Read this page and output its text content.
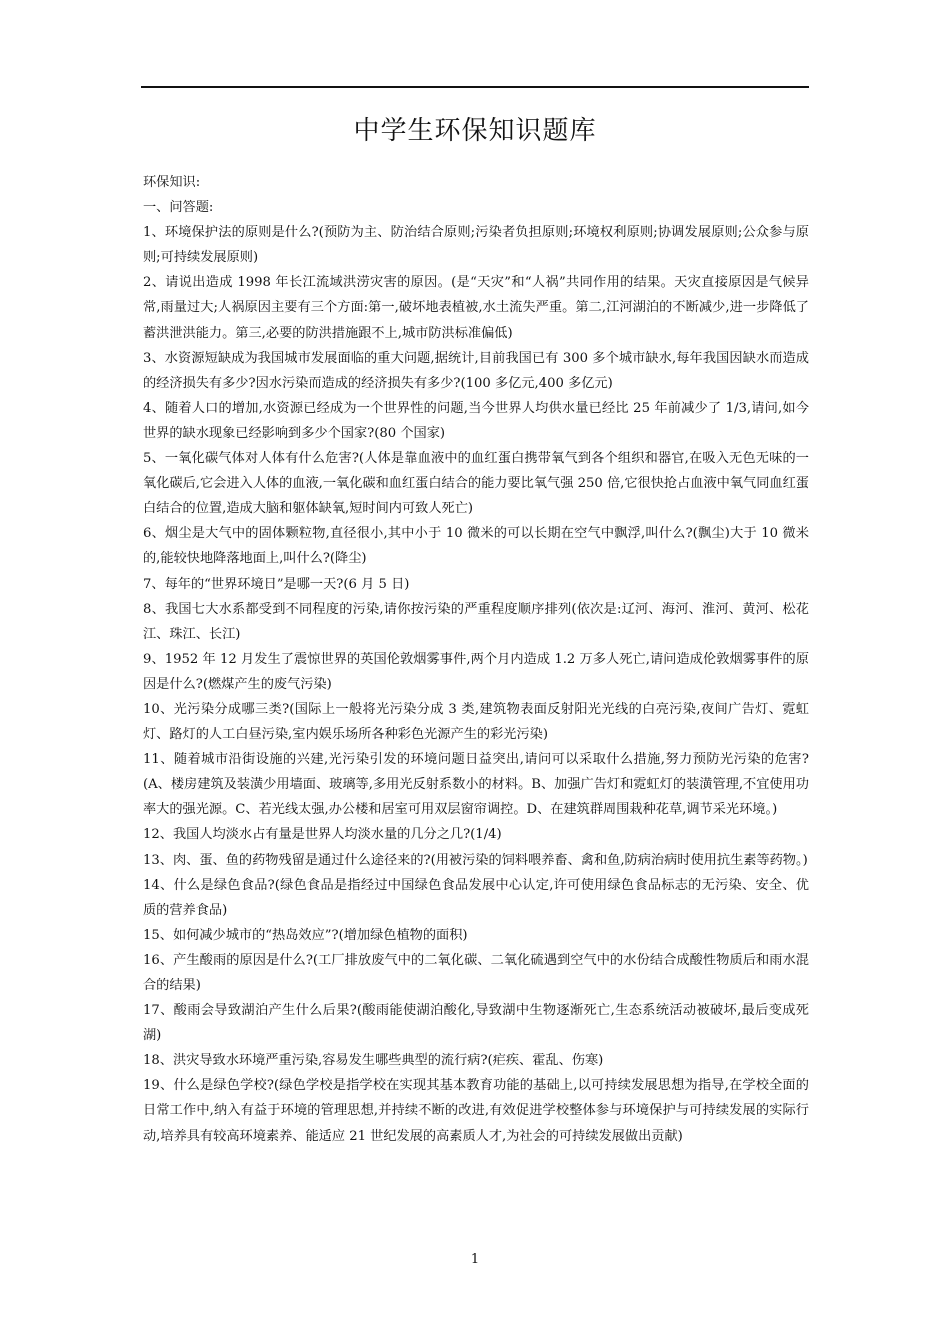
中学生环保知识题库

环保知识:

一、问答题:

1、环境保护法的原则是什么?(预防为主、防治结合原则;污染者负担原则;环境权利原则;协调发展原则;公众参与原则;可持续发展原则)

2、请说出造成 1998 年长江流域洪涝灾害的原因。(是“天灾”和“人祸”共同作用的结果。天灾直接原因是气候异常,雨量过大;人祸原因主要有三个方面:第一,破坏地表植被,水土流失严重。第二,江河湖泊的不断减少,进一步降低了蓄洪泄洪能力。第三,必要的防洪措施跟不上,城市防洪标准偏低)

3、水资源短缺成为我国城市发展面临的重大问题,据统计,目前我国已有 300 多个城市缺水,每年我国因缺水而造成的经济损失有多少?因水污染而造成的经济损失有多少?(100 多亿元,400 多亿元)

4、随着人口的增加,水资源已经成为一个世界性的问题,当今世界人均供水量已经比 25 年前减少了 1/3,请问,如今世界的缺水现象已经影响到多少个国家?(80 个国家)

5、一氧化碳气体对人体有什么危害?(人体是靠血液中的血红蛋白携带氧气到各个组织和器官,在吸入无色无味的一氧化碳后,它会进入人体的血液,一氧化碳和血红蛋白结合的能力要比氧气强 250 倍,它很快抢占血液中氧气同血红蛋白结合的位置,造成大脑和躯体缺氧,短时间内可致人死亡)

6、烟尘是大气中的固体颗粒物,直径很小,其中小于 10 微米的可以长期在空气中飘浮,叫什么?(飘尘)大于 10 微米的,能较快地降落地面上,叫什么?(降尘)

7、每年的“世界环境日”是哪一天?(6 月 5 日)

8、我国七大水系都受到不同程度的污染,请你按污染的严重程度顺序排列(依次是:辽河、海河、淮河、黄河、松花江、珠江、长江)

9、1952 年 12 月发生了震惊世界的英国伦敦烟雾事件,两个月内造成 1.2 万多人死亡,请问造成伦敦烟雾事件的原因是什么?(燃煤产生的废气污染)

10、光污染分成哪三类?(国际上一般将光污染分成 3 类,建筑物表面反射阳光光线的白亮污染,夜间广告灯、霓虹灯、路灯的人工白昼污染,室内娱乐场所各种彩色光源产生的彩光污染)

11、随着城市沿街设施的兴建,光污染引发的环境问题日益突出,请问可以采取什么措施,努力预防光污染的危害?(A、楼房建筑及装潢少用墙面、玻璃等,多用光反射系数小的材料。B、加强广告灯和霓虹灯的装潢管理,不宜使用功率大的强光源。C、若光线太强,办公楼和居室可用双层窗帘调控。D、在建筑群周围栽种花草,调节采光环境。)

12、我国人均淡水占有量是世界人均淡水量的几分之几?(1/4)

13、肉、蛋、鱼的药物残留是通过什么途径来的?(用被污染的饲料喂养畜、禽和鱼,防病治病时使用抗生素等药物。)

14、什么是绿色食品?(绿色食品是指经过中国绿色食品发展中心认定,许可使用绿色食品标志的无污染、安全、优质的营养食品)

15、如何减少城市的“热岛效应”?(增加绿色植物的面积)

16、产生酸雨的原因是什么?(工厂排放废气中的二氧化碳、二氧化硫遇到空气中的水份结合成酸性物质后和雨水混合的结果)

17、酸雨会导致湖泊产生什么后果?(酸雨能使湖泊酸化,导致湖中生物逐渐死亡,生态系统活动被破坏,最后变成死湖)

18、洪灾导致水环境严重污染,容易发生哪些典型的流行病?(疟疾、霍乱、伤寒)

19、什么是绿色学校?(绿色学校是指学校在实现其基本教育功能的基础上,以可持续发展思想为指导,在学校全面的日常工作中,纳入有益于环境的管理思想,并持续不断的改进,有效促进学校整体参与环境保护与可持续发展的实际行动,培养具有较高环境素养、能适应 21 世纪发展的高素质人才,为社会的可持续发展做出贡献)

1
